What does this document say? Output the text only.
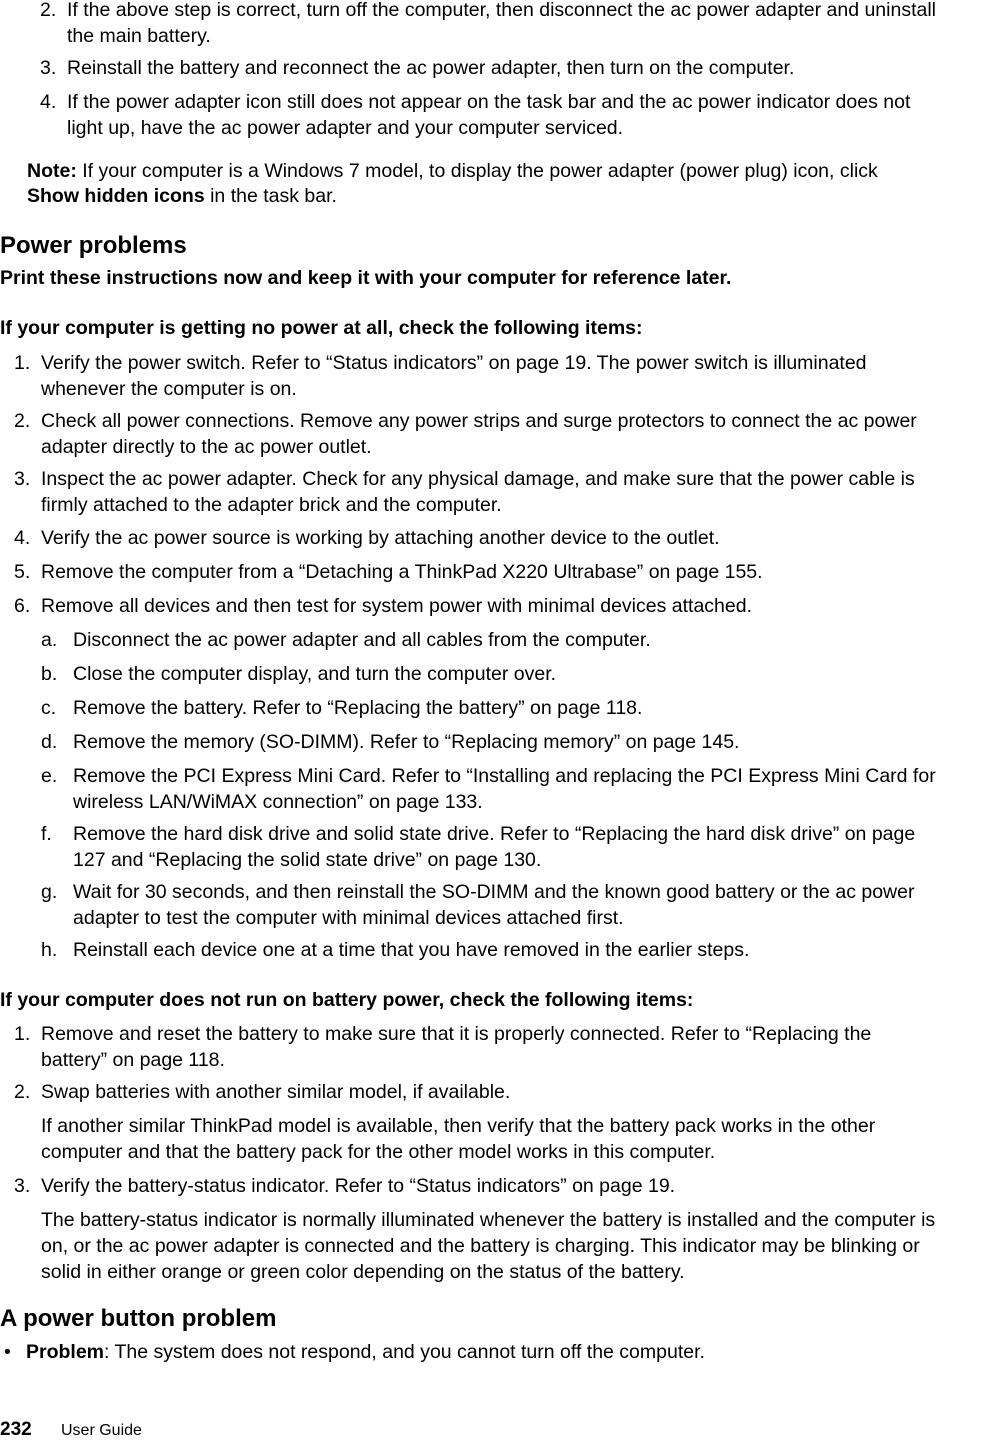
2. If the above step is correct, turn off the computer, then disconnect the ac power adapter and uninstall
the main battery.
3. Reinstall the battery and reconnect the ac power adapter, then turn on the computer.
4. If the power adapter icon still does not appear on the task bar and the ac power indicator does not
light up, have the ac power adapter and your computer serviced.
Note: If your computer is a Windows 7 model, to display the power adapter (power plug) icon, click
Show hidden icons in the task bar.
Power problems
Print these instructions now and keep it with your computer for reference later.
If your computer is getting no power at all, check the following items:
1. Verify the power switch. Refer to “Status indicators” on page 19. The power switch is illuminated
whenever the computer is on.
2. Check all power connections. Remove any power strips and surge protectors to connect the ac power
adapter directly to the ac power outlet.
3. Inspect the ac power adapter. Check for any physical damage, and make sure that the power cable is
firmly attached to the adapter brick and the computer.
4. Verify the ac power source is working by attaching another device to the outlet.
5. Remove the computer from a “Detaching a ThinkPad X220 Ultrabase” on page 155.
6. Remove all devices and then test for system power with minimal devices attached.
a. Disconnect the ac power adapter and all cables from the computer.
b. Close the computer display, and turn the computer over.
c. Remove the battery. Refer to “Replacing the battery” on page 118.
d. Remove the memory (SO-DIMM). Refer to “Replacing memory” on page 145.
e. Remove the PCI Express Mini Card. Refer to “Installing and replacing the PCI Express Mini Card for
wireless LAN/WiMAX connection” on page 133.
f. Remove the hard disk drive and solid state drive. Refer to “Replacing the hard disk drive” on page
127 and “Replacing the solid state drive” on page 130.
g. Wait for 30 seconds, and then reinstall the SO-DIMM and the known good battery or the ac power
adapter to test the computer with minimal devices attached first.
h. Reinstall each device one at a time that you have removed in the earlier steps.
If your computer does not run on battery power, check the following items:
1. Remove and reset the battery to make sure that it is properly connected. Refer to “Replacing the
battery” on page 118.
2. Swap batteries with another similar model, if available.
If another similar ThinkPad model is available, then verify that the battery pack works in the other
computer and that the battery pack for the other model works in this computer.
3. Verify the battery-status indicator. Refer to “Status indicators” on page 19.
The battery-status indicator is normally illuminated whenever the battery is installed and the computer is
on, or the ac power adapter is connected and the battery is charging. This indicator may be blinking or
solid in either orange or green color depending on the status of the battery.
A power button problem
• Problem: The system does not respond, and you cannot turn off the computer.
232 User Guide
